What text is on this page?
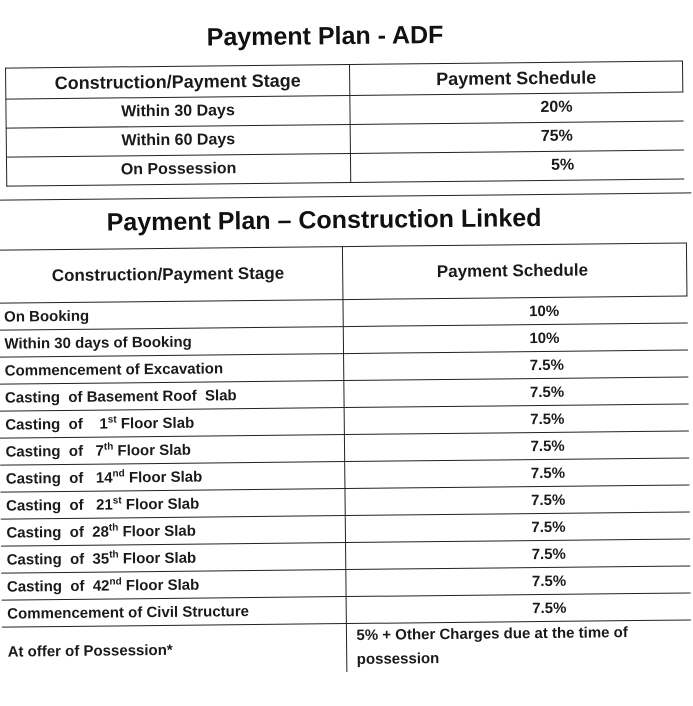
Payment Plan - ADF
Construction/Payment Stage	Payment Schedule
Within 30 Days	20%
Within 60 Days	75%
On Possession	5%
Payment Plan – Construction Linked
Construction/Payment Stage	Payment Schedule
On Booking	10%
Within 30 days of Booking	10%
Commencement of Excavation	7.5%
Casting  of Basement Roof  Slab	7.5%
Casting  of    1st Floor Slab	7.5%
Casting  of   7th Floor Slab	7.5%
Casting  of   14nd Floor Slab	7.5%
Casting  of   21st Floor Slab	7.5%
Casting  of  28th Floor Slab	7.5%
Casting  of  35th Floor Slab	7.5%
Casting  of  42nd Floor Slab	7.5%
Commencement of Civil Structure	7.5%
At offer of Possession*	5% + Other Charges due at the time of possession
